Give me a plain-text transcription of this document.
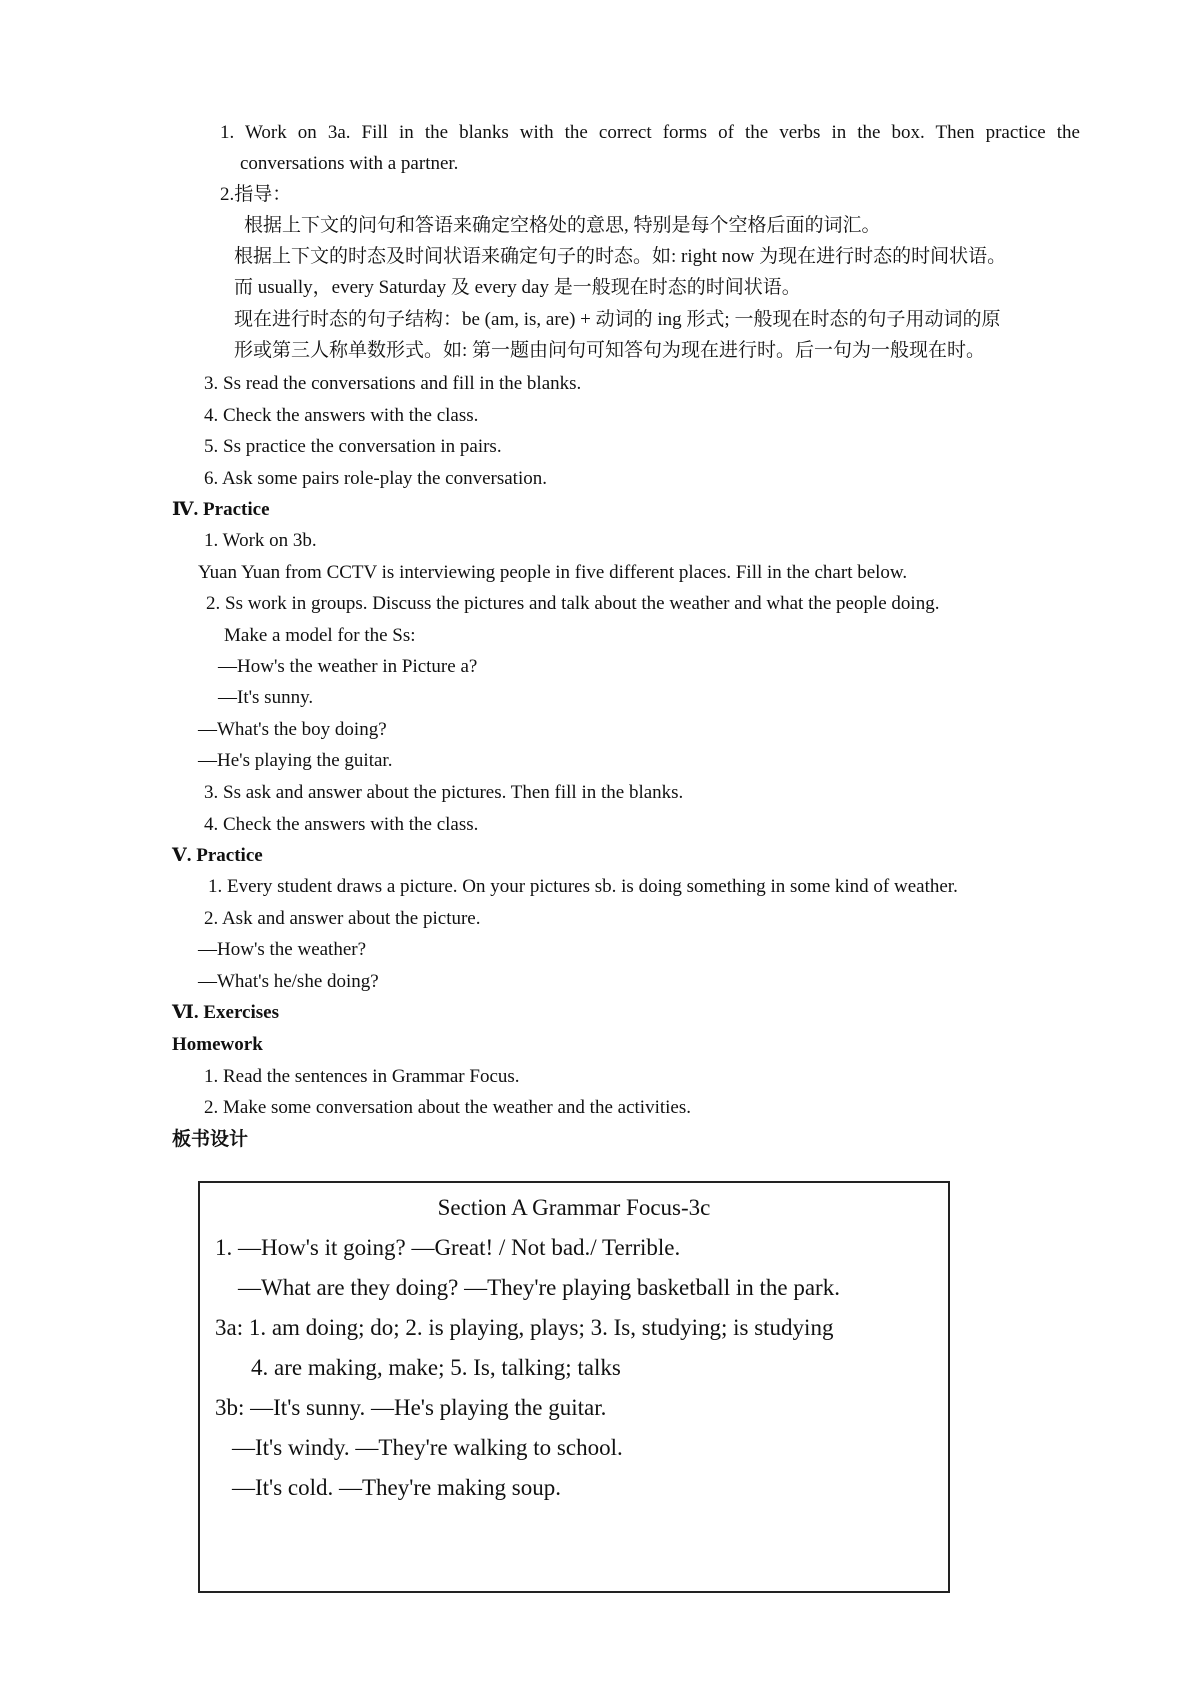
1. Work on 3a. Fill in the blanks with the correct forms of the verbs in the box. Then practice the
conversations with a partner.
2.指导：
根据上下文的问句和答语来确定空格处的意思, 特别是每个空格后面的词汇。
根据上下文的时态及时间状语来确定句子的时态。如: right now 为现在进行时态的时间状语。
而 usually，every Saturday 及 every day 是一般现在时态的时间状语。
现在进行时态的句子结构：be (am, is, are) + 动词的 ing 形式; 一般现在时态的句子用动词的原
形或第三人称单数形式。如: 第一题由问句可知答句为现在进行时。后一句为一般现在时。
3. Ss read the conversations and fill in the blanks.
4. Check the answers with the class.
5. Ss practice the conversation in pairs.
6. Ask some pairs role-play the conversation.
Ⅳ. Practice
1. Work on 3b.
Yuan Yuan from CCTV is interviewing people in five different places. Fill in the chart below.
2. Ss work in groups. Discuss the pictures and talk about the weather and what the people doing.
Make a model for the Ss:
—How's the weather in Picture a?
—It's sunny.
—What's the boy doing?
—He's playing the guitar.
3. Ss ask and answer about the pictures. Then fill in the blanks.
4. Check the answers with the class.
Ⅴ. Practice
1. Every student draws a picture. On your pictures sb. is doing something in some kind of weather.
2. Ask and answer about the picture.
—How's the weather?
—What's he/she doing?
Ⅵ. Exercises
Homework
1. Read the sentences in Grammar Focus.
2. Make some conversation about the weather and the activities.
板书设计
Section A Grammar Focus-3c
1. —How's it going? —Great! / Not bad./ Terrible.
—What are they doing? —They're playing basketball in the park.
3a: 1. am doing; do; 2. is playing, plays; 3. Is, studying; is studying
4. are making, make; 5. Is, talking; talks
3b: —It's sunny. —He's playing the guitar.
—It's windy. —They're walking to school.
—It's cold. —They're making soup.
